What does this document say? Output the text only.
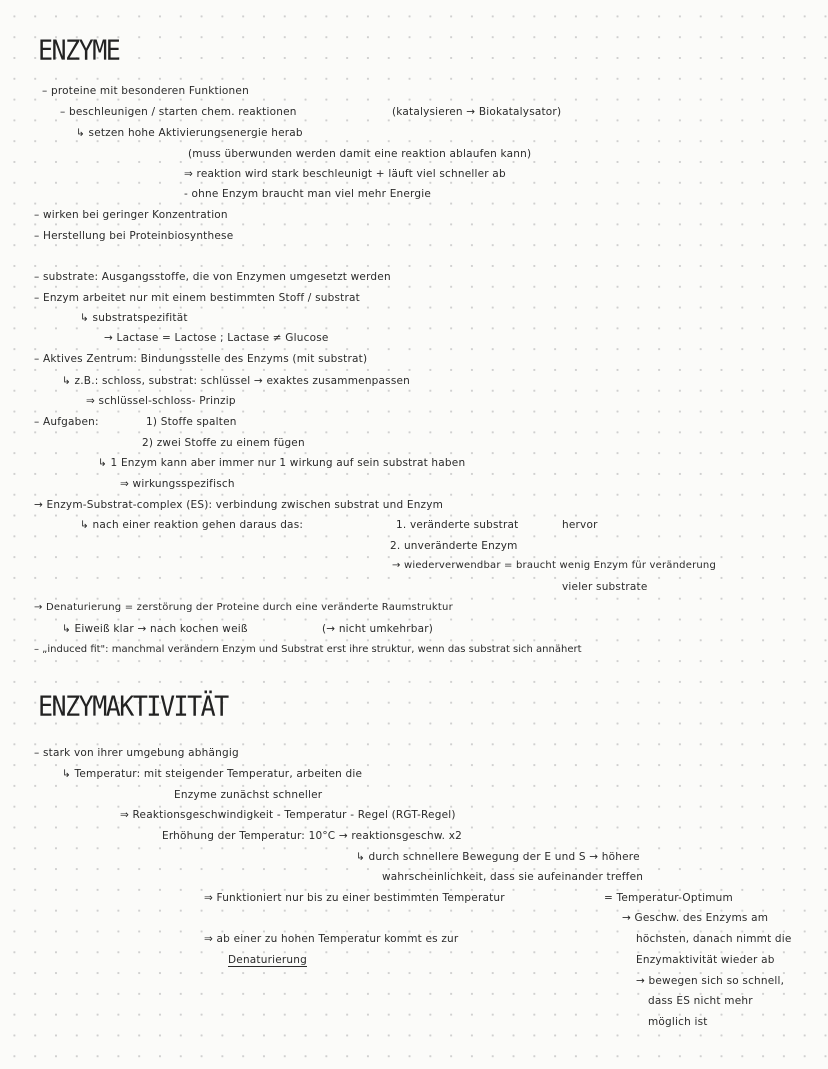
ENZYME
– proteine mit besonderen Funktionen
– beschleunigen / starten chem. reaktionen	(katalysieren → Biokatalysator)
↳ setzen hohe Aktivierungsenergie herab
(muss überwunden werden damit eine reaktion ablaufen kann)
⇒ reaktion wird stark beschleunigt + läuft viel schneller ab
- ohne Enzym braucht man viel mehr Energie
– wirken bei geringer Konzentration
– Herstellung bei Proteinbiosynthese
– substrate: Ausgangsstoffe, die von Enzymen umgesetzt werden
– Enzym arbeitet nur mit einem bestimmten Stoff / substrat
↳ substratspezifität
→ Lactase = Lactose ; Lactase ≠ Glucose
– Aktives Zentrum: Bindungsstelle des Enzyms (mit substrat)
↳ z.B.: schloss, substrat: schlüssel → exaktes zusammenpassen
⇒ schlüssel-schloss- Prinzip
– Aufgaben:	1) Stoffe spalten
2) zwei Stoffe zu einem fügen
↳ 1 Enzym kann aber immer nur 1 wirkung auf sein substrat haben
⇒ wirkungsspezifisch
→ Enzym-Substrat-complex (ES): verbindung zwischen substrat und Enzym
↳ nach einer reaktion gehen daraus das:	1. veränderte substrat	hervor
2. unveränderte Enzym
→ wiederverwendbar = braucht wenig Enzym für veränderung
vieler substrate
→ Denaturierung = zerstörung der Proteine durch eine veränderte Raumstruktur
↳ Eiweiß klar → nach kochen weiß	(→ nicht umkehrbar)
– „induced fit": manchmal verändern Enzym und Substrat erst ihre struktur, wenn das substrat sich annähert
ENZYMAKTIVITÄT
– stark von ihrer umgebung abhängig
↳ Temperatur: mit steigender Temperatur, arbeiten die
Enzyme zunächst schneller
⇒ Reaktionsgeschwindigkeit - Temperatur - Regel (RGT-Regel)
Erhöhung der Temperatur: 10°C → reaktionsgeschw. x2
↳ durch schnellere Bewegung der E und S → höhere
wahrscheinlichkeit, dass sie aufeinander treffen
⇒ Funktioniert nur bis zu einer bestimmten Temperatur	= Temperatur-Optimum
→ Geschw. des Enzyms am
höchsten, danach nimmt die
Enzymaktivität wieder ab
→ bewegen sich so schnell,
dass ES nicht mehr
möglich ist
⇒ ab einer zu hohen Temperatur kommt es zur
Denaturierung
